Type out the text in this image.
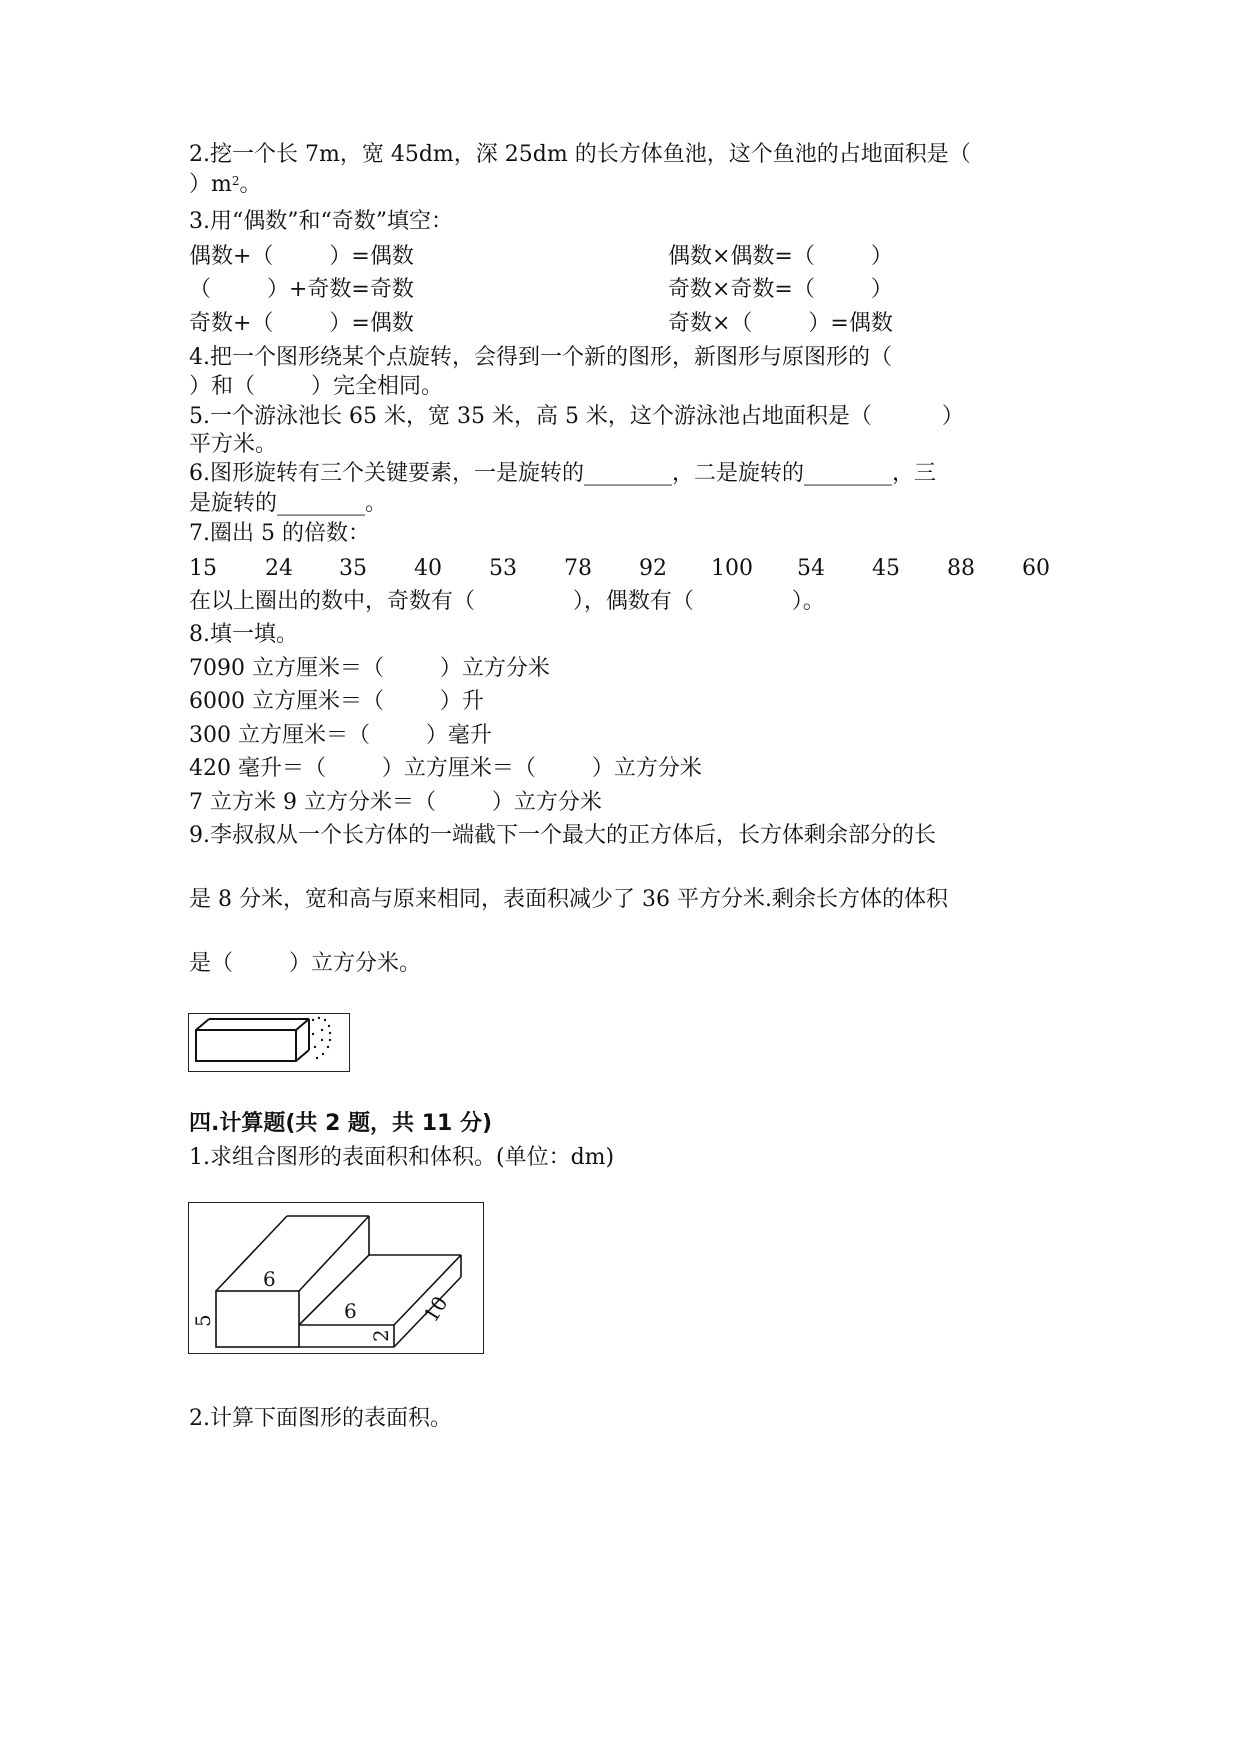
2.挖一个长 7m，宽 45dm，深 25dm 的长方体鱼池，这个鱼池的占地面积是（
）$m^2$。
3.用“偶数”和“奇数”填空：
偶数+（        ）=偶数	偶数×偶数=（        ）
（        ）+奇数=奇数	奇数×奇数=（        ）
奇数+（        ）=偶数	奇数×（        ）=偶数
4.把一个图形绕某个点旋转，会得到一个新的图形，新图形与原图形的（
）和（        ）完全相同。
5.一个游泳池长 65 米，宽 35 米，高 5 米，这个游泳池占地面积是（          ）
平方米。
6.图形旋转有三个关键要素，一是旋转的________，二是旋转的________，三
是旋转的________。
7.圈出 5 的倍数：

15

24

35

40

53

78

92

100

54

45

88

60

在以上圈出的数中，奇数有（              ），偶数有（              ）。
8.填一填。
7090 立方厘米＝（        ）立方分米
6000 立方厘米＝（        ）升
300 立方厘米＝（        ）毫升
420 毫升＝（        ）立方厘米＝（        ）立方分米
7 立方米 9 立方分米＝（        ）立方分米
9.李叔叔从一个长方体的一端截下一个最大的正方体后，长方体剩余部分的长
是 8 分米，宽和高与原来相同，表面积减少了 36 平方分米.剩余长方体的体积
是（        ）立方分米。
四.计算题(共 2 题，共 11 分)
1.求组合图形的表面积和体积。(单位：dm)
6
5	6
2
10
2.计算下面图形的表面积。
